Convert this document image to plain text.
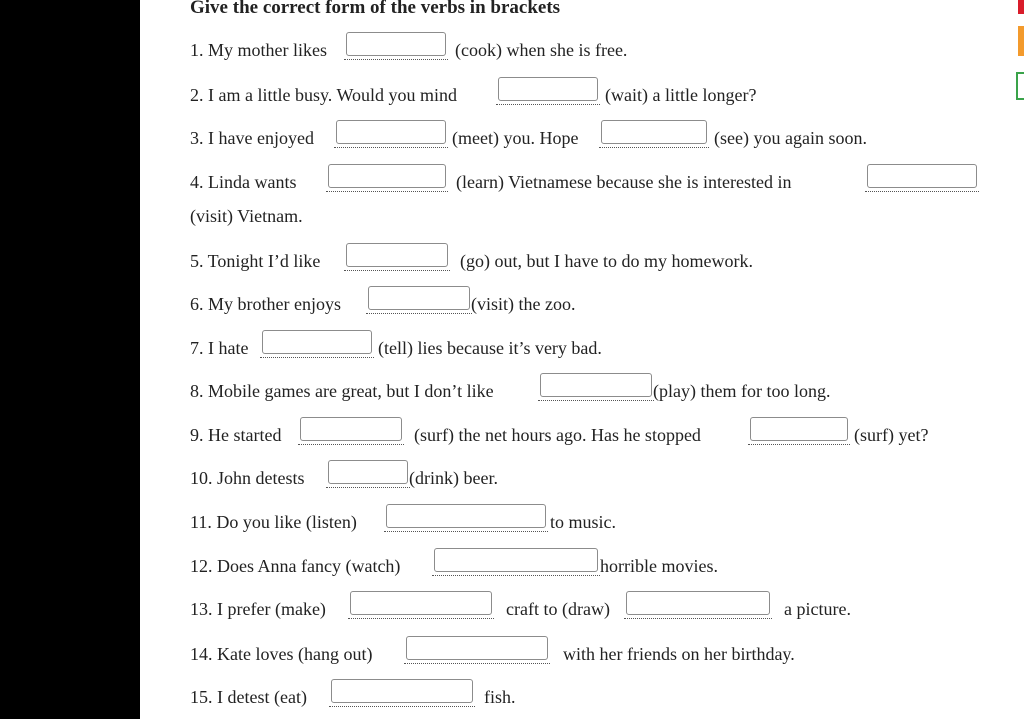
Give the correct form of the verbs in brackets
1. My mother likes	(cook) when she is free.
2. I am a little busy. Would you mind	(wait) a little longer?
3. I have enjoyed	(meet) you. Hope	(see) you again soon.
4. Linda wants	(learn) Vietnamese because she is interested in
(visit) Vietnam.
5. Tonight I’d like	(go) out, but I have to do my homework.
6. My brother enjoys	(visit) the zoo.
7. I hate	(tell) lies because it’s very bad.
8. Mobile games are great, but I don’t like	(play) them for too long.
9. He started	(surf) the net hours ago. Has he stopped	(surf) yet?
10. John detests	(drink) beer.
11. Do you like (listen)	to music.
12. Does Anna fancy (watch)	horrible movies.
13. I prefer (make)	craft to (draw)	a picture.
14. Kate loves (hang out)	with her friends on her birthday.
15. I detest (eat)	fish.
